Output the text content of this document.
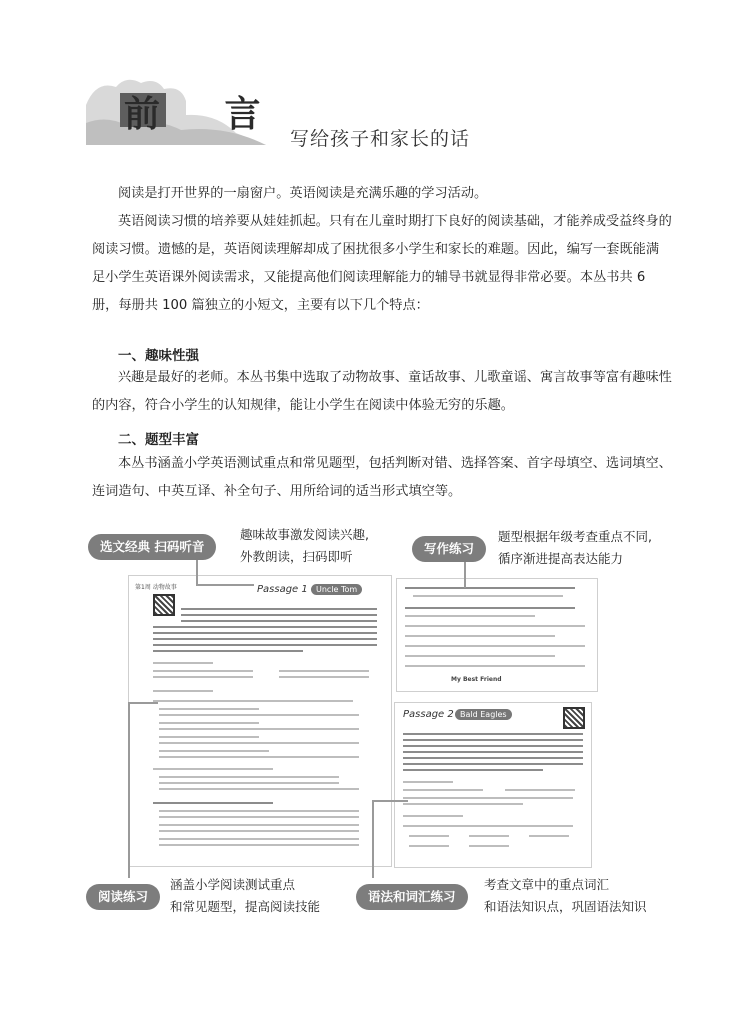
前 言
写给孩子和家长的话

阅读是打开世界的一扇窗户。英语阅读是充满乐趣的学习活动。

英语阅读习惯的培养要从娃娃抓起。只有在儿童时期打下良好的阅读基础，才能养成受益终身的阅读习惯。遗憾的是，英语阅读理解却成了困扰很多小学生和家长的难题。因此，编写一套既能满足小学生英语课外阅读需求，又能提高他们阅读理解能力的辅导书就显得非常必要。本丛书共 6 册，每册共 100 篇独立的小短文，主要有以下几个特点：

一、趣味性强

兴趣是最好的老师。本丛书集中选取了动物故事、童话故事、儿歌童谣、寓言故事等富有趣味性的内容，符合小学生的认知规律，能让小学生在阅读中体验无穷的乐趣。

二、题型丰富

本丛书涵盖小学英语测试重点和常见题型，包括判断对错、选择答案、首字母填空、选词填空、连词造句、中英互译、补全句子、用所给词的适当形式填空等。

第1周 动物故事	Passage 1	Uncle Tom
My Best Friend
Passage 2 Bald Eagles
选文经典 扫码听音
趣味故事激发阅读兴趣,
外教朗读，扫码即听
写作练习
题型根据年级考查重点不同,
循序渐进提高表达能力
阅读练习
涵盖小学阅读测试重点
和常见题型，提高阅读技能
语法和词汇练习
考查文章中的重点词汇
和语法知识点，巩固语法知识
